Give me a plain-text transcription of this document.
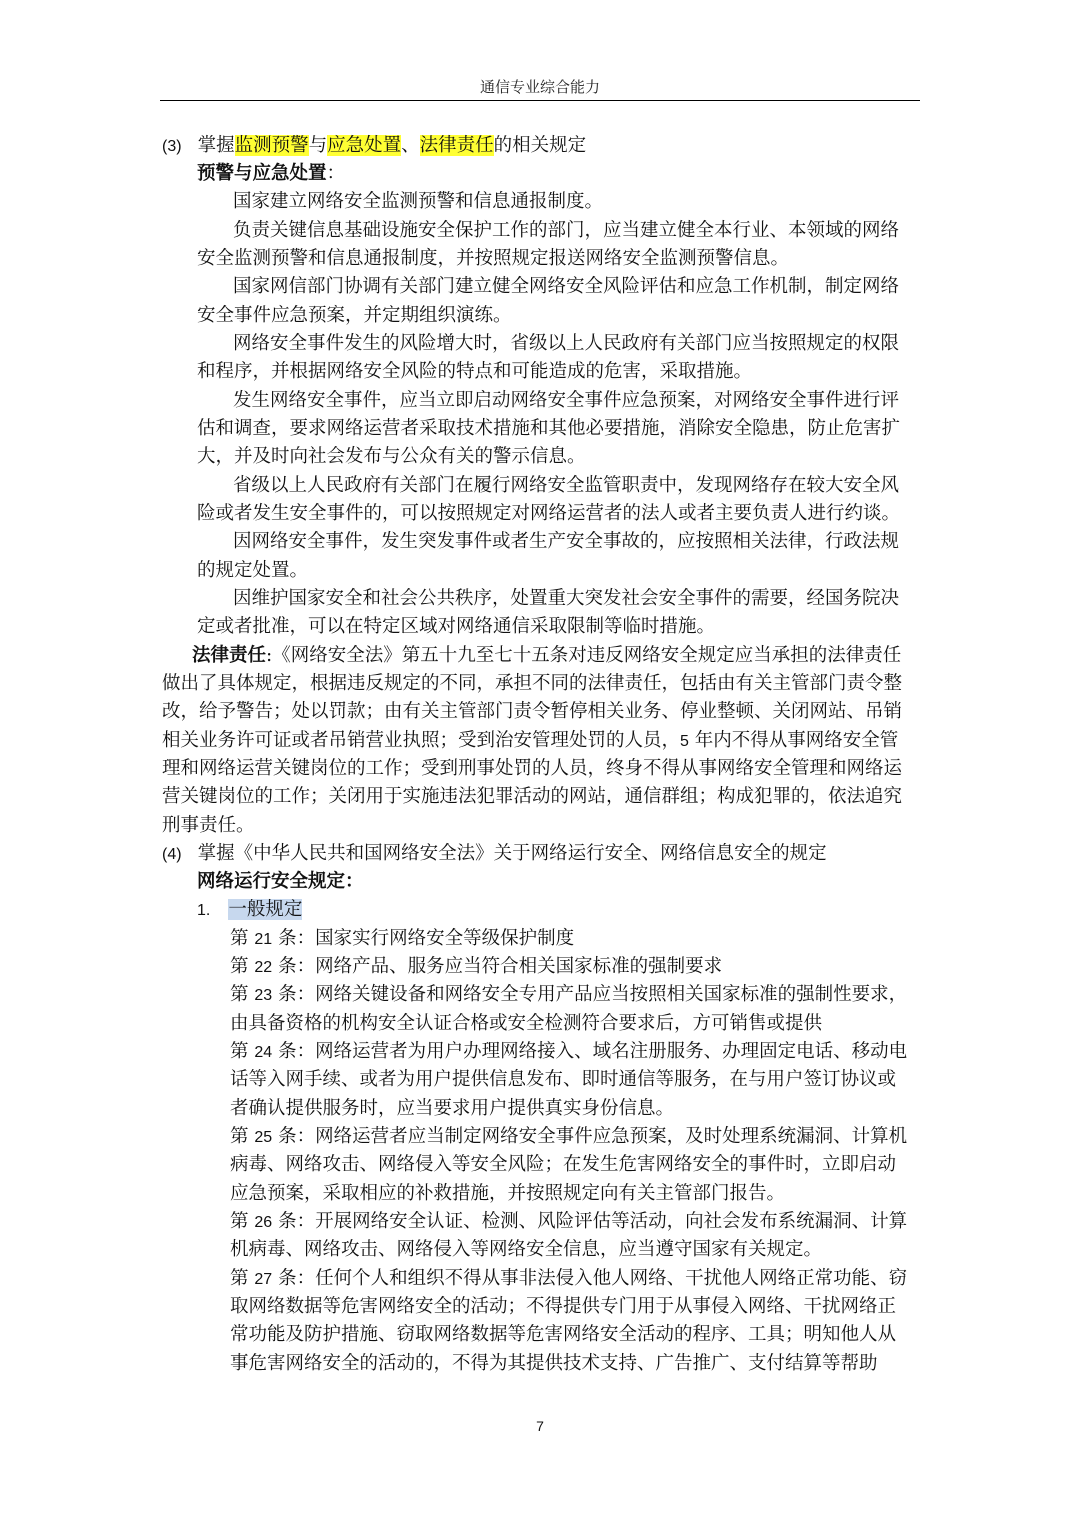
通信专业综合能力
(3) 掌握监测预警与应急处置、法律责任的相关规定
预警与应急处置：
国家建立网络安全监测预警和信息通报制度。
负责关键信息基础设施安全保护工作的部门，应当建立健全本行业、本领域的网络
安全监测预警和信息通报制度，并按照规定报送网络安全监测预警信息。
国家网信部门协调有关部门建立健全网络安全风险评估和应急工作机制，制定网络
安全事件应急预案，并定期组织演练。
网络安全事件发生的风险增大时，省级以上人民政府有关部门应当按照规定的权限
和程序，并根据网络安全风险的特点和可能造成的危害，采取措施。
发生网络安全事件，应当立即启动网络安全事件应急预案，对网络安全事件进行评
估和调查，要求网络运营者采取技术措施和其他必要措施，消除安全隐患，防止危害扩
大，并及时向社会发布与公众有关的警示信息。
省级以上人民政府有关部门在履行网络安全监管职责中，发现网络存在较大安全风
险或者发生安全事件的，可以按照规定对网络运营者的法人或者主要负责人进行约谈。
因网络安全事件，发生突发事件或者生产安全事故的，应按照相关法律，行政法规
的规定处置。
因维护国家安全和社会公共秩序，处置重大突发社会安全事件的需要，经国务院决
定或者批准，可以在特定区域对网络通信采取限制等临时措施。
法律责任:《网络安全法》第五十九至七十五条对违反网络安全规定应当承担的法律责任
做出了具体规定，根据违反规定的不同，承担不同的法律责任，包括由有关主管部门责令整
改，给予警告；处以罚款；由有关主管部门责令暂停相关业务、停业整顿、关闭网站、吊销
相关业务许可证或者吊销营业执照；受到治安管理处罚的人员，5 年内不得从事网络安全管
理和网络运营关键岗位的工作；受到刑事处罚的人员，终身不得从事网络安全管理和网络运
营关键岗位的工作；关闭用于实施违法犯罪活动的网站，通信群组；构成犯罪的，依法追究
刑事责任。
(4) 掌握《中华人民共和国网络安全法》关于网络运行安全、网络信息安全的规定
网络运行安全规定：
1. 一般规定
第 21 条：国家实行网络安全等级保护制度
第 22 条：网络产品、服务应当符合相关国家标准的强制要求
第 23 条：网络关键设备和网络安全专用产品应当按照相关国家标准的强制性要求，
由具备资格的机构安全认证合格或安全检测符合要求后，方可销售或提供
第 24 条：网络运营者为用户办理网络接入、域名注册服务、办理固定电话、移动电
话等入网手续、或者为用户提供信息发布、即时通信等服务，在与用户签订协议或
者确认提供服务时，应当要求用户提供真实身份信息。
第 25 条：网络运营者应当制定网络安全事件应急预案，及时处理系统漏洞、计算机
病毒、网络攻击、网络侵入等安全风险；在发生危害网络安全的事件时，立即启动
应急预案，采取相应的补救措施，并按照规定向有关主管部门报告。
第 26 条：开展网络安全认证、检测、风险评估等活动，向社会发布系统漏洞、计算
机病毒、网络攻击、网络侵入等网络安全信息，应当遵守国家有关规定。
第 27 条：任何个人和组织不得从事非法侵入他人网络、干扰他人网络正常功能、窃
取网络数据等危害网络安全的活动；不得提供专门用于从事侵入网络、干扰网络正
常功能及防护措施、窃取网络数据等危害网络安全活动的程序、工具；明知他人从
事危害网络安全的活动的，不得为其提供技术支持、广告推广、支付结算等帮助
7
